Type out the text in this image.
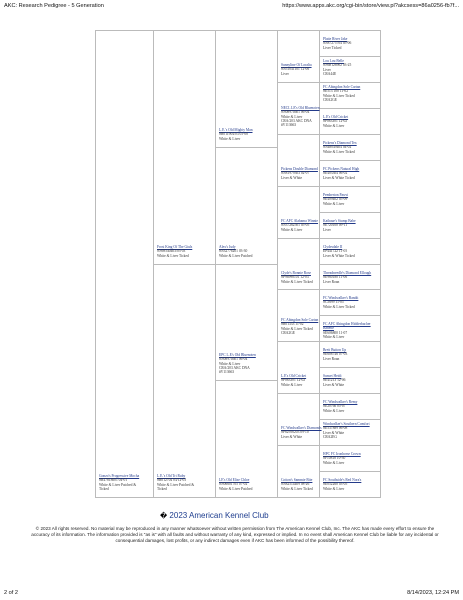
AKC: Research Pedigree - 5 Generation	https://www.apps.akc.org/cgi-bin/store/view.pl?akcsess=86a0256-fb7f...
Gonzo's Progressive Mocha
SR47818601 04-01
White & Liver Patched &
Ticked
Frost King Of The Giuls
SN69540403/03-03
White & Liver Ticked
L.E.'s Old Tri Ruby
SR012704 03/12-03
White & Liver Patched &
Ticked
L.E.'s Old Mighty Man
SR011904/03 05-08
White & Liver
Alex's Judy
SN32776201 03-30
White & Liver Patched
EPC L.E's Old Bluenoten
SN08974601 06-04
White & Liver
CRA/203 AKC DNA
#V113663
LE's Old Elise Chloe
SN06601705 07-02
White & Liver Patched
Sunnyline Of Loralta
SN51041101 12-06
Liver
NECL LE's Old Bluenoten
SN08974601 06-04
White & Liver
CRA/203 AKC DNA
#V113663
Pickens Double Diamond
SN81979303 02-07
Liver & White
FC AFC Alabama Winnie
SN37262501 05-05
White & Liver
Clyde's Bonnie Rose
SP96998101 12-03
White & Liver Ticked
FC Abingdon Sole Cartan
SR01333 11-02
White & Liver Ticked
CRA2GE
L.E's Old Cricket
SP083301 12-02
White & Liver
FC Windwalker's Diamonds
SP62956203 09-10
Liver & White
Cotton's Sammie Bite
SN82514409 08-26
White & Liver Ticked
Platte River Jake
SN87275704 05-06
Liver Ticked
Lou Lou Belle
SN68126902 03-25
Liver
CRA44E
FC Abingdon Sole Cartan
SE513 100 11-02
White & Liver Ticked
CRA2GE
L.E's Old Cricket
SP083301 12-02
White & Liver
Pickens's Diamond Tex
SN48049404 04-02
White & Liver Ticked
FC Pickens Natural High
SE403304 06-02
Liver & White Ticked
Pemberton Pawsi
SE409402 05-09
White & Liver
Kathaue's Stump Babe
SE720100 09-11
Liver
Clydesdale II
EP441722 11-05
Liver & White Ticked
Threadneedle's Diamond Ellough
SE960180 11-06
Liver Roan
FC Windwalker's Bandit
SC5699 11-05
White & Liver Ticked
FC AFC Abingdon Hidderbacher Babette
SE606800 11-07
White & Liver
Brett Button Up
SE608746 07-03
Liver Roan
Sunset Heidi
SE41213 12-06
Liver & White
FC Windwalker's Remy
SE20766 05-07
White & Liver
Windwalker's Southern Comfort
SE537889 06-08
Liver & White
CRA2EG
HPC FC Ironhorse Crown
SF10818 10-30
White & Liver
FC Southside's Red Nora's
SE052260 03-05
White & Liver
� 2023 American Kennel Club
© 2023 All rights reserved. No material may be reproduced in any manner whatsoever without written permission from The American Kennel Club, Inc. The AKC has made every effort to ensure the accuracy of its information. The information provided is "as is" with all faults and without warranty of any kind, expressed or implied. In no event shall American Kennel Club be liable for any incidental or consequential damages, lost profits, or any indirect damages even if AKC has been informed of the possibility thereof.
2 of 2	8/14/2023, 12:24 PM
